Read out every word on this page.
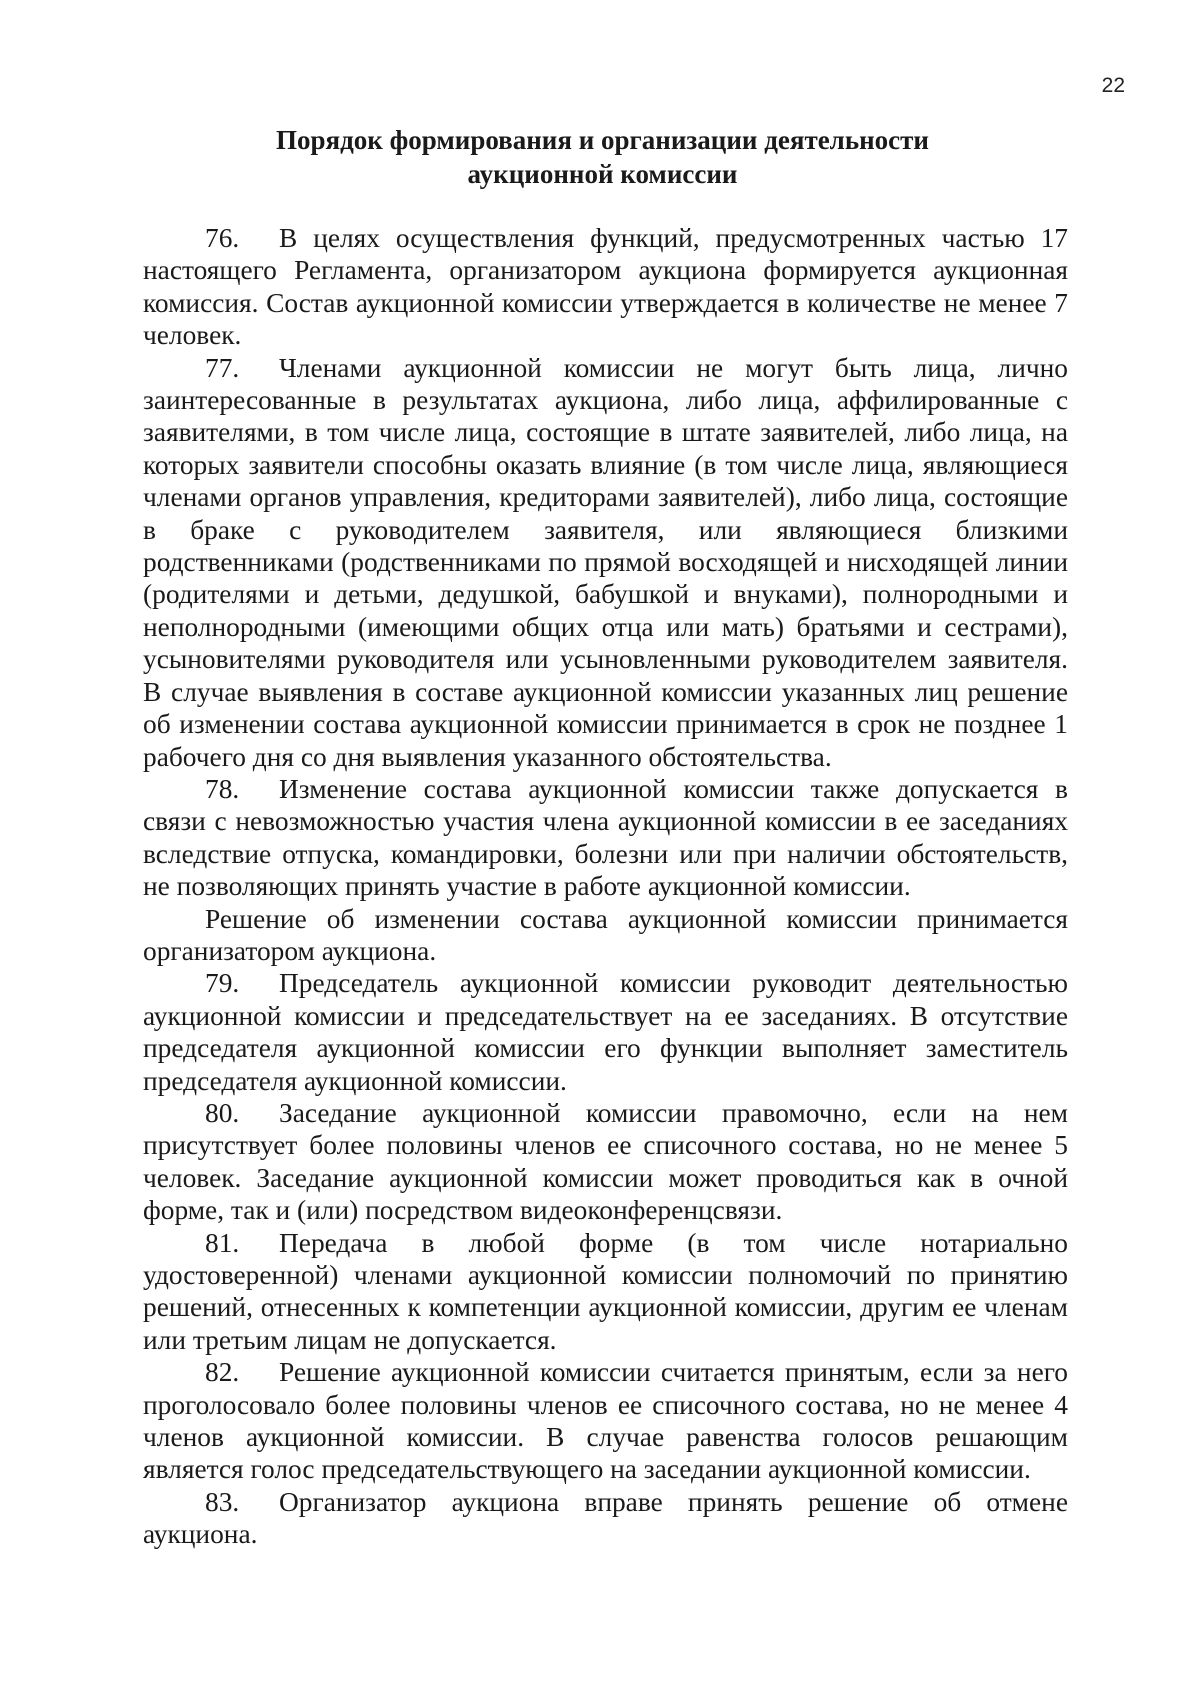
22
Порядок формирования и организации деятельности
аукционной комиссии

76. В целях осуществления функций, предусмотренных частью 17 настоящего Регламента, организатором аукциона формируется аукционная комиссия. Состав аукционной комиссии утверждается в количестве не менее 7 человек.

77. Членами аукционной комиссии не могут быть лица, лично заинтересованные в результатах аукциона, либо лица, аффилированные с заявителями, в том числе лица, состоящие в штате заявителей, либо лица, на которых заявители способны оказать влияние (в том числе лица, являющиеся членами органов управления, кредиторами заявителей), либо лица, состоящие в браке с руководителем заявителя, или являющиеся близкими родственниками (родственниками по прямой восходящей и нисходящей линии (родителями и детьми, дедушкой, бабушкой и внуками), полнородными и неполнородными (имеющими общих отца или мать) братьями и сестрами), усыновителями руководителя или усыновленными руководителем заявителя. В случае выявления в составе аукционной комиссии указанных лиц решение об изменении состава аукционной комиссии принимается в срок не позднее 1 рабочего дня со дня выявления указанного обстоятельства.

78. Изменение состава аукционной комиссии также допускается в связи с невозможностью участия члена аукционной комиссии в ее заседаниях вследствие отпуска, командировки, болезни или при наличии обстоятельств, не позволяющих принять участие в работе аукционной комиссии.

Решение об изменении состава аукционной комиссии принимается организатором аукциона.

79. Председатель аукционной комиссии руководит деятельностью аукционной комиссии и председательствует на ее заседаниях. В отсутствие председателя аукционной комиссии его функции выполняет заместитель председателя аукционной комиссии.

80. Заседание аукционной комиссии правомочно, если на нем присутствует более половины членов ее списочного состава, но не менее 5 человек. Заседание аукционной комиссии может проводиться как в очной форме, так и (или) посредством видеоконференцсвязи.

81. Передача в любой форме (в том числе нотариально удостоверенной) членами аукционной комиссии полномочий по принятию решений, отнесенных к компетенции аукционной комиссии, другим ее членам или третьим лицам не допускается.

82. Решение аукционной комиссии считается принятым, если за него проголосовало более половины членов ее списочного состава, но не менее 4 членов аукционной комиссии. В случае равенства голосов решающим является голос председательствующего на заседании аукционной комиссии.

83. Организатор аукциона вправе принять решение об отмене аукциона.
